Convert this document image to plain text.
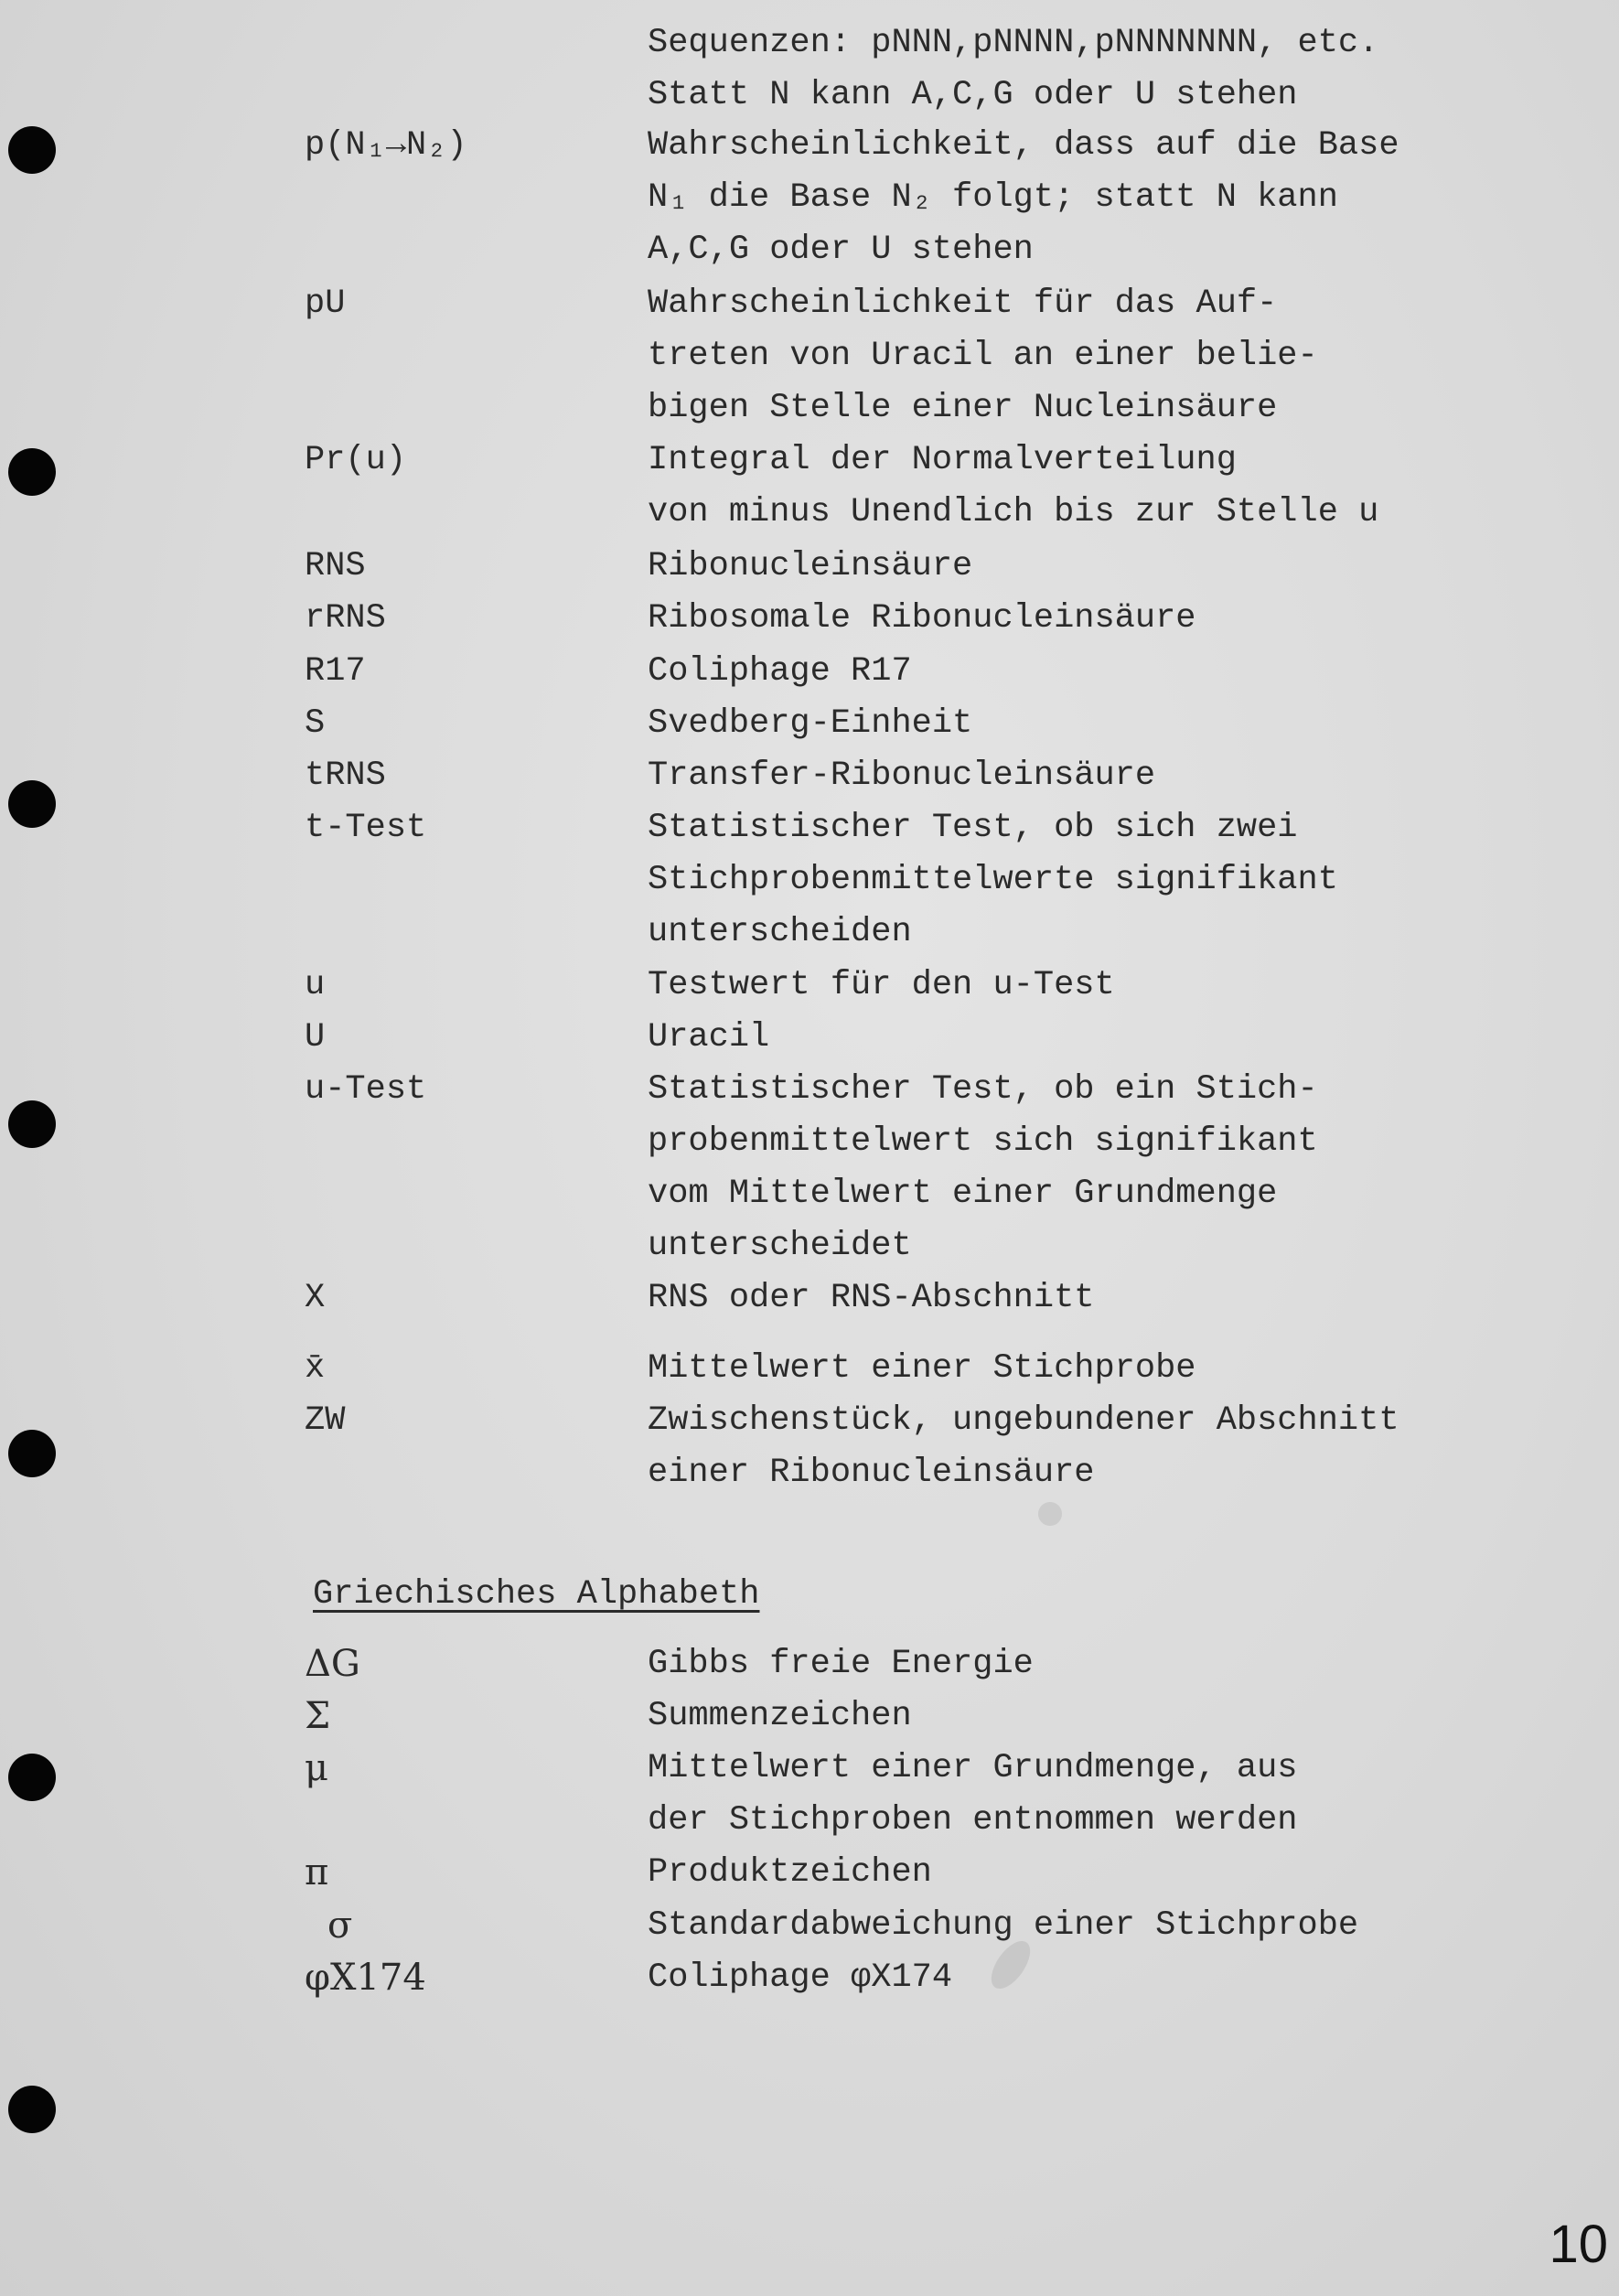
Sequenzen: pNNN,pNNNN,pNNNNNNN, etc.
Statt N kann A,C,G oder U stehen
p(N₁→N₂)	Wahrscheinlichkeit, dass auf die Base
N₁ die Base N₂ folgt; statt N kann
A,C,G oder U stehen
pU	Wahrscheinlichkeit für das Auf-
treten von Uracil an einer belie-
bigen Stelle einer Nucleinsäure
Pr(u)	Integral der Normalverteilung
von minus Unendlich bis zur Stelle u
RNS	Ribonucleinsäure
rRNS	Ribosomale Ribonucleinsäure
R17	Coliphage R17
S	Svedberg-Einheit
tRNS	Transfer-Ribonucleinsäure
t-Test	Statistischer Test, ob sich zwei
Stichprobenmittelwerte signifikant
unterscheiden
u	Testwert für den u-Test
U	Uracil
u-Test	Statistischer Test, ob ein Stich-
probenmittelwert sich signifikant
vom Mittelwert einer Grundmenge
unterscheidet
X	RNS oder RNS-Abschnitt
x̄	Mittelwert einer Stichprobe
ZW	Zwischenstück, ungebundener Abschnitt
einer Ribonucleinsäure
Griechisches Alphabeth
ΔG	Gibbs freie Energie
Σ	Summenzeichen
μ	Mittelwert einer Grundmenge, aus
der Stichproben entnommen werden
π	Produktzeichen
σ	Standardabweichung einer Stichprobe
φX174	Coliphage φX174
10
